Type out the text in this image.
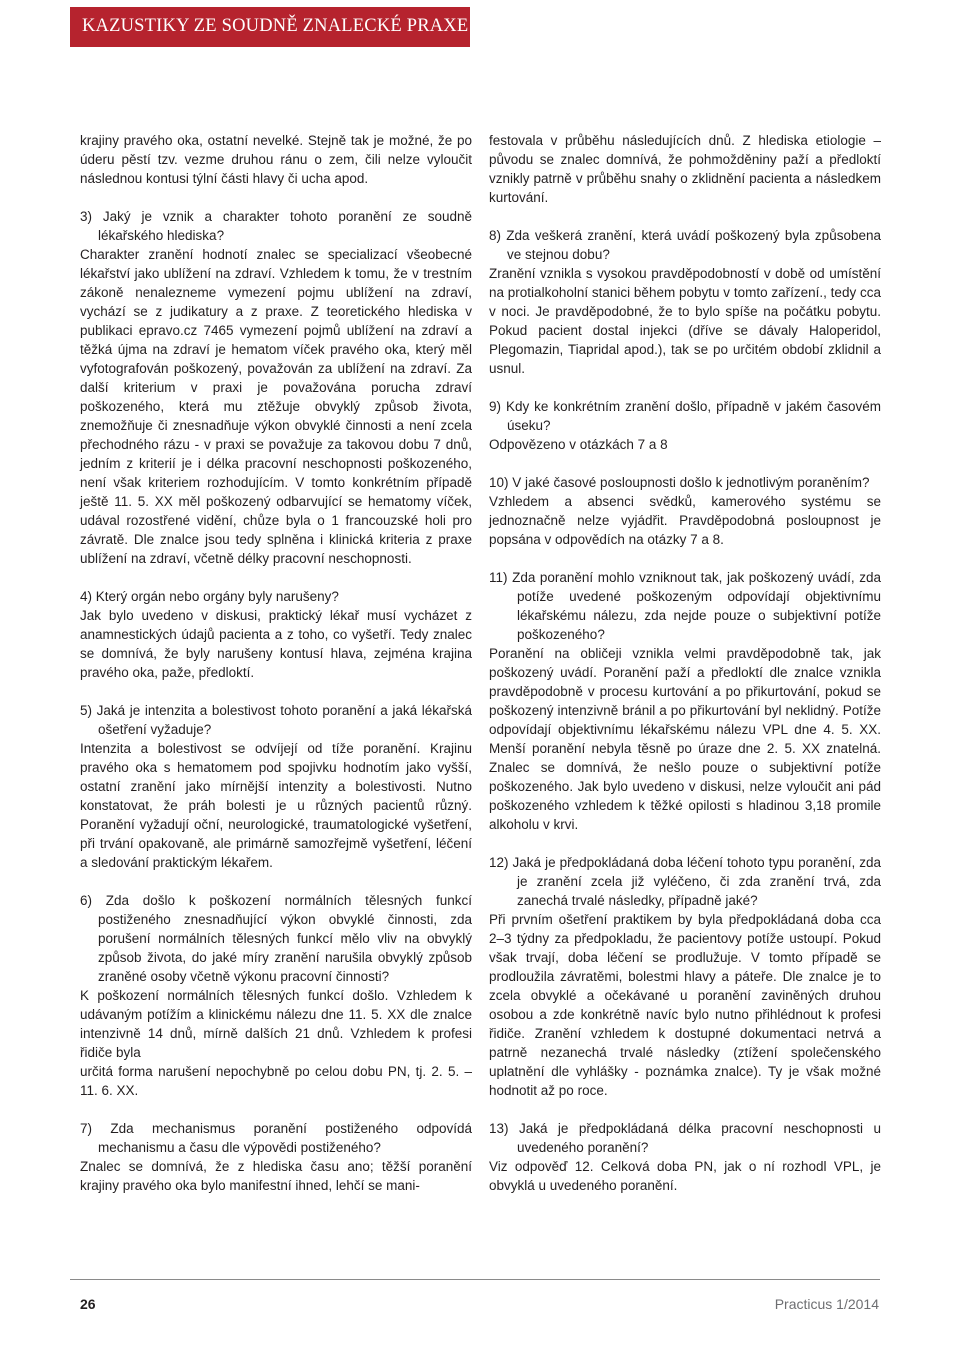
KAZUSTIKY ZE SOUDNĚ ZNALECKÉ PRAXE

krajiny pravého oka, ostatní nevelké. Stejně tak je možné, že po úderu pěstí tzv. vezme druhou ránu o zem, čili nelze vyloučit následnou kontusi týlní části hlavy či ucha apod.

3) Jaký je vznik a charakter tohoto poranění ze soudně lékařského hlediska?

Charakter zranění hodnotí znalec se specializací všeobecné lékařství jako ublížení na zdraví. Vzhledem k tomu, že v trestním zákoně nenalezneme vymezení pojmu ublížení na zdraví, vychází se z judikatury a z praxe. Z teoretického hlediska v publikaci epravo.cz 7465 vymezení pojmů ublížení na zdraví a těžká újma na zdraví je hematom víček pravého oka, který měl vyfotografován poškozený, považován za ublížení na zdraví. Za další kriterium v praxi je považována porucha zdraví poškozeného, která mu ztěžuje obvyklý způsob života, znemožňuje či znesnadňuje výkon obvyklé činnosti a není zcela přechodného rázu - v praxi se považuje za takovou dobu 7 dnů, jedním z kriterií je i délka pracovní neschopnosti poškozeného, není však kriteriem rozhodujícím. V tomto konkrétním případě ještě 11. 5. XX měl poškozený odbarvující se hematomy víček, udával rozostřené vidění, chůze byla o 1 francouzské holi pro závratě. Dle znalce jsou tedy splněna i klinická kriteria z praxe ublížení na zdraví, včetně délky pracovní neschopnosti.

4) Který orgán nebo orgány byly narušeny?

Jak bylo uvedeno v diskusi, praktický lékař musí vycházet z anamnestických údajů pacienta a z toho, co vyšetří. Tedy znalec se domnívá, že byly narušeny kontusí hlava, zejména krajina pravého oka, paže, předloktí.

5) Jaká je intenzita a bolestivost tohoto poranění a jaká lékařská ošetření vyžaduje?

Intenzita a bolestivost se odvíjejí od tíže poranění. Krajinu pravého oka s hematomem pod spojivku hodnotím jako vyšší, ostatní zranění jako mírnější intenzity a bolestivosti. Nutno konstatovat, že práh bolesti je u různých pacientů různý. Poranění vyžadují oční, neurologické, traumatologické vyšetření, při trvání opakovaně, ale primárně samozřejmě vyšetření, léčení a sledování praktickým lékařem.

6) Zda došlo k poškození normálních tělesných funkcí postiženého znesnadňující výkon obvyklé činnosti, zda porušení normálních tělesných funkcí mělo vliv na obvyklý způsob života, do jaké míry zranění narušila obvyklý způsob zraněné osoby včetně výkonu pracovní činnosti?

K poškození normálních tělesných funkcí došlo. Vzhledem k udávaným potížím a klinickému nálezu dne 11. 5. XX dle znalce intenzivně 14 dnů, mírně dalších 21 dnů. Vzhledem k profesi řidiče byla

určitá forma narušení nepochybně po celou dobu PN, tj. 2. 5. –11. 6. XX.

7) Zda mechanismus poranění postiženého odpovídá mechanismu a času dle výpovědi postiženého?

Znalec se domnívá, že z hlediska času ano; těžší poranění krajiny pravého oka bylo manifestní ihned, lehčí se mani-

festovala v průběhu následujících dnů. Z hlediska etiologie – původu se znalec domnívá, že pohmožděniny paží a předloktí vznikly patrně v průběhu snahy o zklidnění pacienta a následkem kurtování.

8) Zda veškerá zranění, která uvádí poškozený byla způsobena ve stejnou dobu?

Zranění vznikla s vysokou pravděpodobností v době od umístění na protialkoholní stanici během pobytu v tomto zařízení., tedy cca v noci. Je pravděpodobné, že to bylo spíše na počátku pobytu. Pokud pacient dostal injekci (dříve se dávaly Haloperidol, Plegomazin, Tiapridal apod.), tak se po určitém období zklidnil a usnul.

9) Kdy ke konkrétním zranění došlo, případně v jakém časovém úseku?

Odpovězeno v otázkách 7 a 8

10) V jaké časové posloupnosti došlo k jednotlivým poraněním?

Vzhledem a absenci svědků, kamerového systému se jednoznačně nelze vyjádřit. Pravděpodobná posloupnost je popsána v odpovědích na otázky 7 a 8.

11) Zda poranění mohlo vzniknout tak, jak poškozený uvádí, zda potíže uvedené poškozeným odpovídají objektivnímu lékařskému nálezu, zda nejde pouze o subjektivní potíže poškozeného?

Poranění na obličeji vznikla velmi pravděpodobně tak, jak poškozený uvádí. Poranění paží a předloktí dle znalce vznikla pravděpodobně v procesu kurtování a po přikurtování, pokud se poškozený intenzivně bránil a po přikurtování byl neklidný. Potíže odpovídají objektivnímu lékařskému nálezu VPL dne 4. 5. XX. Menší poranění nebyla těsně po úraze dne 2. 5. XX znatelná. Znalec se domnívá, že nešlo pouze o subjektivní potíže poškozeného. Jak bylo uvedeno v diskusi, nelze vyloučit ani pád poškozeného vzhledem k těžké opilosti s hladinou 3,18 promile alkoholu v krvi.

12) Jaká je předpokládaná doba léčení tohoto typu poranění, zda je zranění zcela již vyléčeno, či zda zranění trvá, zda zanechá trvalé následky, případně jaké?

Při prvním ošetření praktikem by byla předpokládaná doba cca 2–3 týdny za předpokladu, že pacientovy potíže ustoupí. Pokud však trvají, doba léčení se prodlužuje. V tomto případě se prodloužila závratěmi, bolestmi hlavy a páteře. Dle znalce je to zcela obvyklé a očekávané u poranění zaviněných druhou osobou a zde konkrétně navíc bylo nutno přihlédnout k profesi řidiče. Zranění vzhledem k dostupné dokumentaci netrvá a patrně nezanechá trvalé následky (ztížení společenského uplatnění dle vyhlášky - poznámka znalce). Ty je však možné hodnotit až po roce.

13) Jaká je předpokládaná délka pracovní neschopnosti u uvedeného poranění?

Viz odpověď 12. Celková doba PN, jak o ní rozhodl VPL, je obvyklá u uvedeného poranění.

26	Practicus 1/2014
